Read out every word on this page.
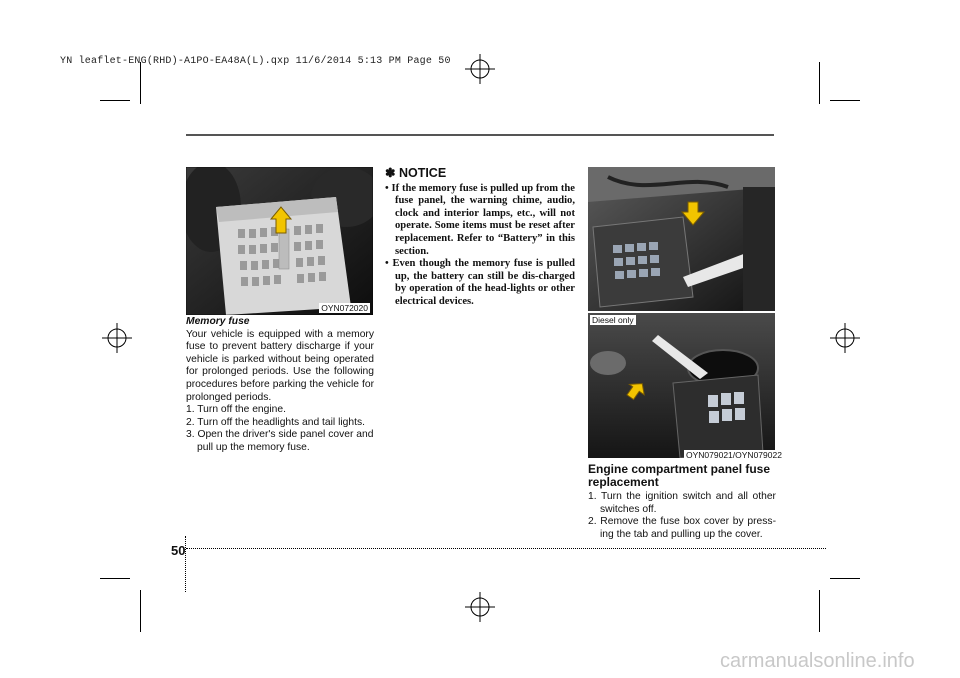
YN leaflet-ENG(RHD)-A1PO-EA48A(L).qxp 11/6/2014 5:13 PM Page 50
50
OYN072020

Memory fuse

Your vehicle is equipped with a memory fuse to prevent battery discharge if your vehicle is parked without being operated for prolonged periods. Use the following procedures before parking the vehicle for prolonged periods.

1. Turn off the engine.

2. Turn off the headlights and tail lights.

3. Open the driver's side panel cover and pull up the memory fuse.

✽ NOTICE

• If the memory fuse is pulled up from the fuse panel, the warning chime, audio, clock and interior lamps, etc., will not operate. Some items must be reset after replacement. Refer to “Battery” in this section.

• Even though the memory fuse is pulled up, the battery can still be dis-charged by operation of the head-lights or other electrical devices.

Diesel only
OYN079021/OYN079022
Engine compartment panel fuse replacement

1. Turn the ignition switch and all other switches off.

2. Remove the fuse box cover by press-ing the tab and pulling up the cover.

carmanualsonline.info
